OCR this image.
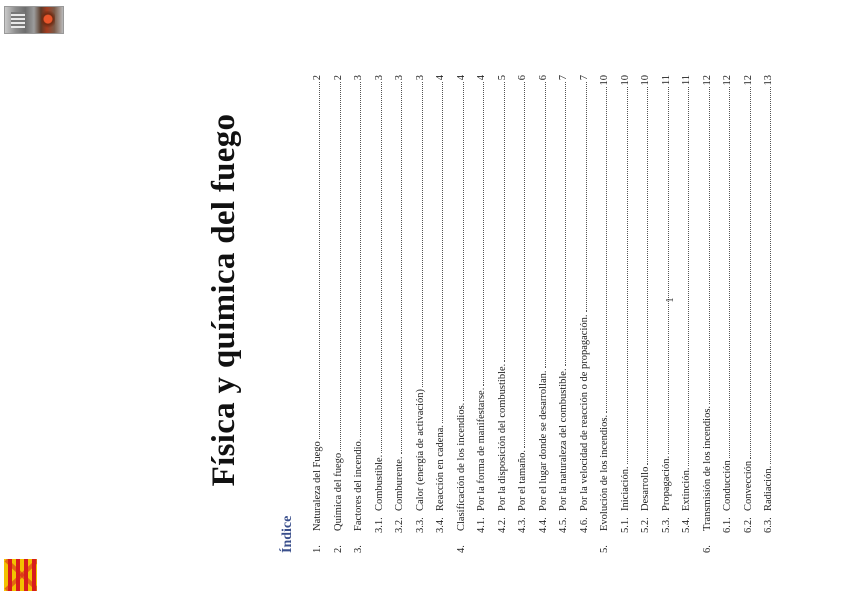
Física y química del fuego
Índice	1.
Naturaleza del Fuego
2
2.
Química del fuego
2
3.
Factores del incendio.
3
3.1.
Combustible.
3
3.2.
Comburente.
3
3.3.
Calor (energía de activación)
3
3.4.
Reacción en cadena.
4
4.
Clasificación de los incendios.
4
4.1.
Por la forma de manifestarse.
4
4.2.
Por la disposición del combustible.
5
4.3.
Por el tamaño.
6
4.4.
Por el lugar donde se desarrollan.
6
4.5.
Por la naturaleza del combustible.
7
4.6.
Por la velocidad de reacción o de propagación.
7
5.
Evolución de los incendios.
10
5.1.
Iniciación.
10
5.2.
Desarrollo
10
5.3.
Propagación.
11
5.4.
Extinción.
11
6.
Transmisión de los incendios.
12
6.1.
Conducción
12
6.2.
Convección
12
6.3.
Radiación.
13
1
